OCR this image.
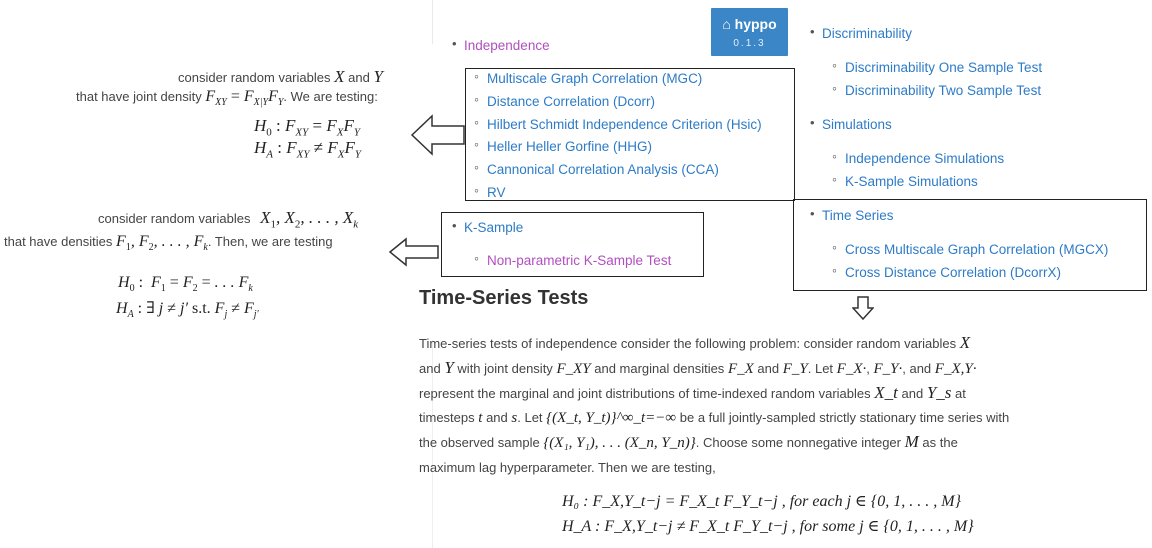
consider random variables X and Y
that have joint density $F_{XY} = F_{X|Y}F_Y$. We are testing:
$H_0$ : $F_{XY} = F_XF_Y$
$H_A$ : $F_{XY} \ne F_XF_Y$
consider random variables $X_1$, $X_2$, . . . , $X_k$
that have densities $F_1$, $F_2$, . . . , $F_k$. Then, we are testing
$H_0$ :  $F_1 = F_2$ = . . . $F_k$
$H_A$ : ∃ j ≠ j′ s.t. $F_j \ne F_{j'}$
• Independence
◦ Multiscale Graph Correlation (MGC)
◦ Distance Correlation (Dcorr)
◦ Hilbert Schmidt Independence Criterion (Hsic)
◦ Heller Heller Gorfine (HHG)
◦ Cannonical Correlation Analysis (CCA)
◦ RV
• K-Sample
◦ Non-parametric K-Sample Test
⌂ hyppo
0.1.3
• Discriminability
◦ Discriminability One Sample Test
◦ Discriminability Two Sample Test
• Simulations
◦ Independence Simulations
◦ K-Sample Simulations
• Time Series
◦ Cross Multiscale Graph Correlation (MGCX)
◦ Cross Distance Correlation (DcorrX)
Time-Series Tests
Time-series tests of independence consider the following problem: consider random variables X
and Y with joint density F_XY and marginal densities F_X and F_Y. Let F_X·, F_Y·, and F_X,Y·
represent the marginal and joint distributions of time-indexed random variables X_t and Y_s at
timesteps t and s. Let {(X_t, Y_t)}^∞_t=−∞ be a full jointly-sampled strictly stationary time series with
the observed sample {(X₁, Y₁), . . . (X_n, Y_n)}. Choose some nonnegative integer M as the
maximum lag hyperparameter. Then we are testing,
H₀ : F_X,Y_t−j = F_X_t F_Y_t−j , for each j ∈ {0, 1, . . . , M}
H_A : F_X,Y_t−j ≠ F_X_t F_Y_t−j , for some j ∈ {0, 1, . . . , M}
